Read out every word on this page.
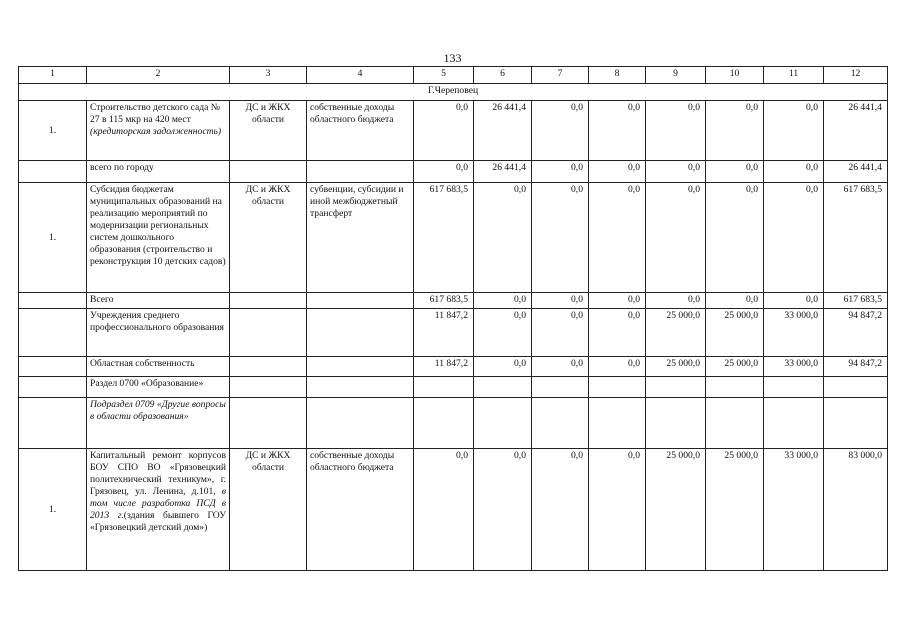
133
1	2	3	4	5	6	7	8	9	10	11	12
Г.Череповец											
1.	Строительство детского сада № 27 в 115 мкр на 420 мест (кредиторская задолженность)	ДС и ЖКХ области	собственные доходы областного бюджета	0,0	26 441,4	0,0	0,0	0,0	0,0	0,0	26 441,4
	всего по городу			0,0	26 441,4	0,0	0,0	0,0	0,0	0,0	26 441,4
1.	Субсидия бюджетам муниципальных образований на реализацию мероприятий по модернизации региональных систем дошкольного образования (строительство и реконструкция 10 детских садов)	ДС и ЖКХ области	субвенции, субсидии и иной межбюджетный трансферт	617 683,5	0,0	0,0	0,0	0,0	0,0	0,0	617 683,5
	Всего			617 683,5	0,0	0,0	0,0	0,0	0,0	0,0	617 683,5
	Учреждения среднего профессионального образования			11 847,2	0,0	0,0	0,0	25 000,0	25 000,0	33 000,0	94 847,2
	Областная собственность			11 847,2	0,0	0,0	0,0	25 000,0	25 000,0	33 000,0	94 847,2
	Раздел 0700 «Образование»										
	Подраздел 0709 «Другие вопросы в области образования»										
1.	Капитальный ремонт корпусов БОУ СПО ВО «Грязовецкий политехнический техникум», г. Грязовец, ул. Ленина, д.101, в том числе разработка ПСД в 2013 г.(здания бывшего ГОУ «Грязовецкий детский дом»)	ДС и ЖКХ области	собственные доходы областного бюджета	0,0	0,0	0,0	0,0	25 000,0	25 000,0	33 000,0	83 000,0
